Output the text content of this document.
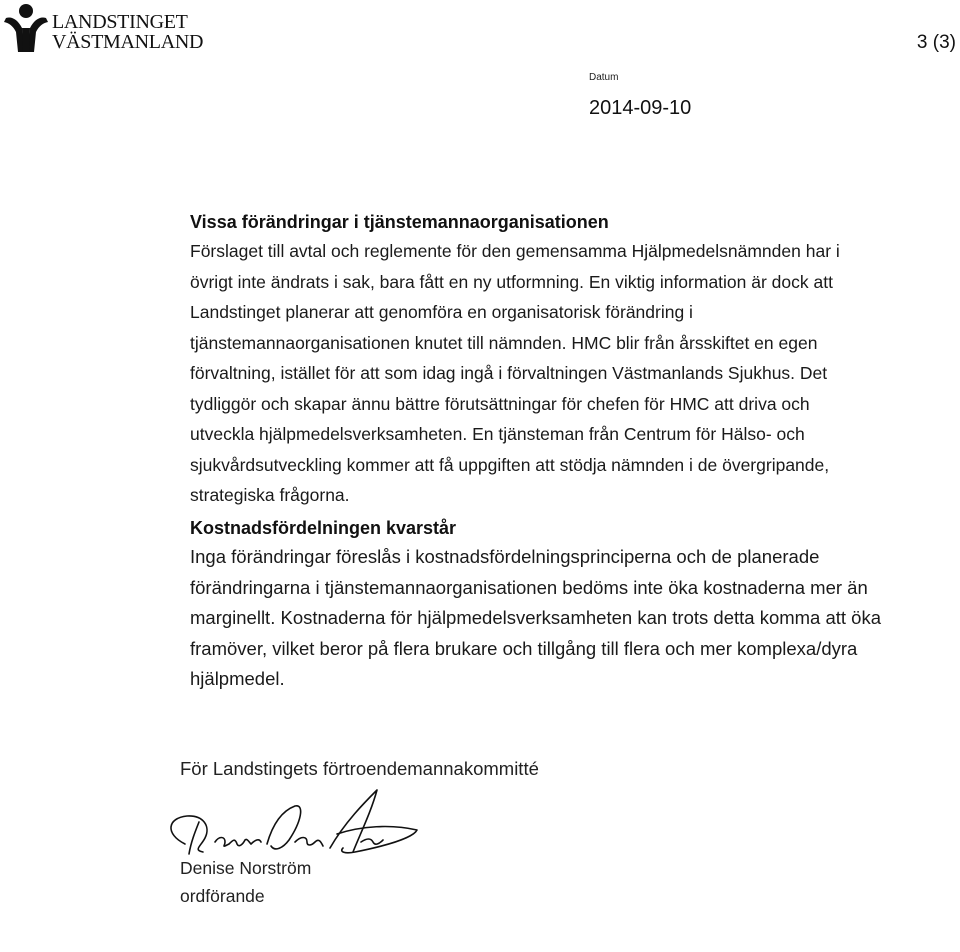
LANDSTINGET
VÄSTMANLAND	3 (3)
Datum
2014-09-10
Vissa förändringar i tjänstemannaorganisationen

Förslaget till avtal och reglemente för den gemensamma Hjälpmedelsnämnden har i
övrigt inte ändrats i sak, bara fått en ny utformning. En viktig information är dock att
Landstinget planerar att genomföra en organisatorisk förändring i
tjänstemannaorganisationen knutet till nämnden. HMC blir från årsskiftet en egen
förvaltning, istället för att som idag ingå i förvaltningen Västmanlands Sjukhus. Det
tydliggör och skapar ännu bättre förutsättningar för chefen för HMC att driva och
utveckla hjälpmedelsverksamheten. En tjänsteman från Centrum för Hälso- och
sjukvårdsutveckling kommer att få uppgiften att stödja nämnden i de övergripande,
strategiska frågorna.

Kostnadsfördelningen kvarstår

Inga förändringar föreslås i kostnadsfördelningsprinciperna och de planerade
förändringarna i tjänstemannaorganisationen bedöms inte öka kostnaderna mer än
marginellt. Kostnaderna för hjälpmedelsverksamheten kan trots detta komma att öka
framöver, vilket beror på flera brukare och tillgång till flera och mer komplexa/dyra
hjälpmedel.

För Landstingets förtroendemannakommitté
Denise Norström
ordförande
